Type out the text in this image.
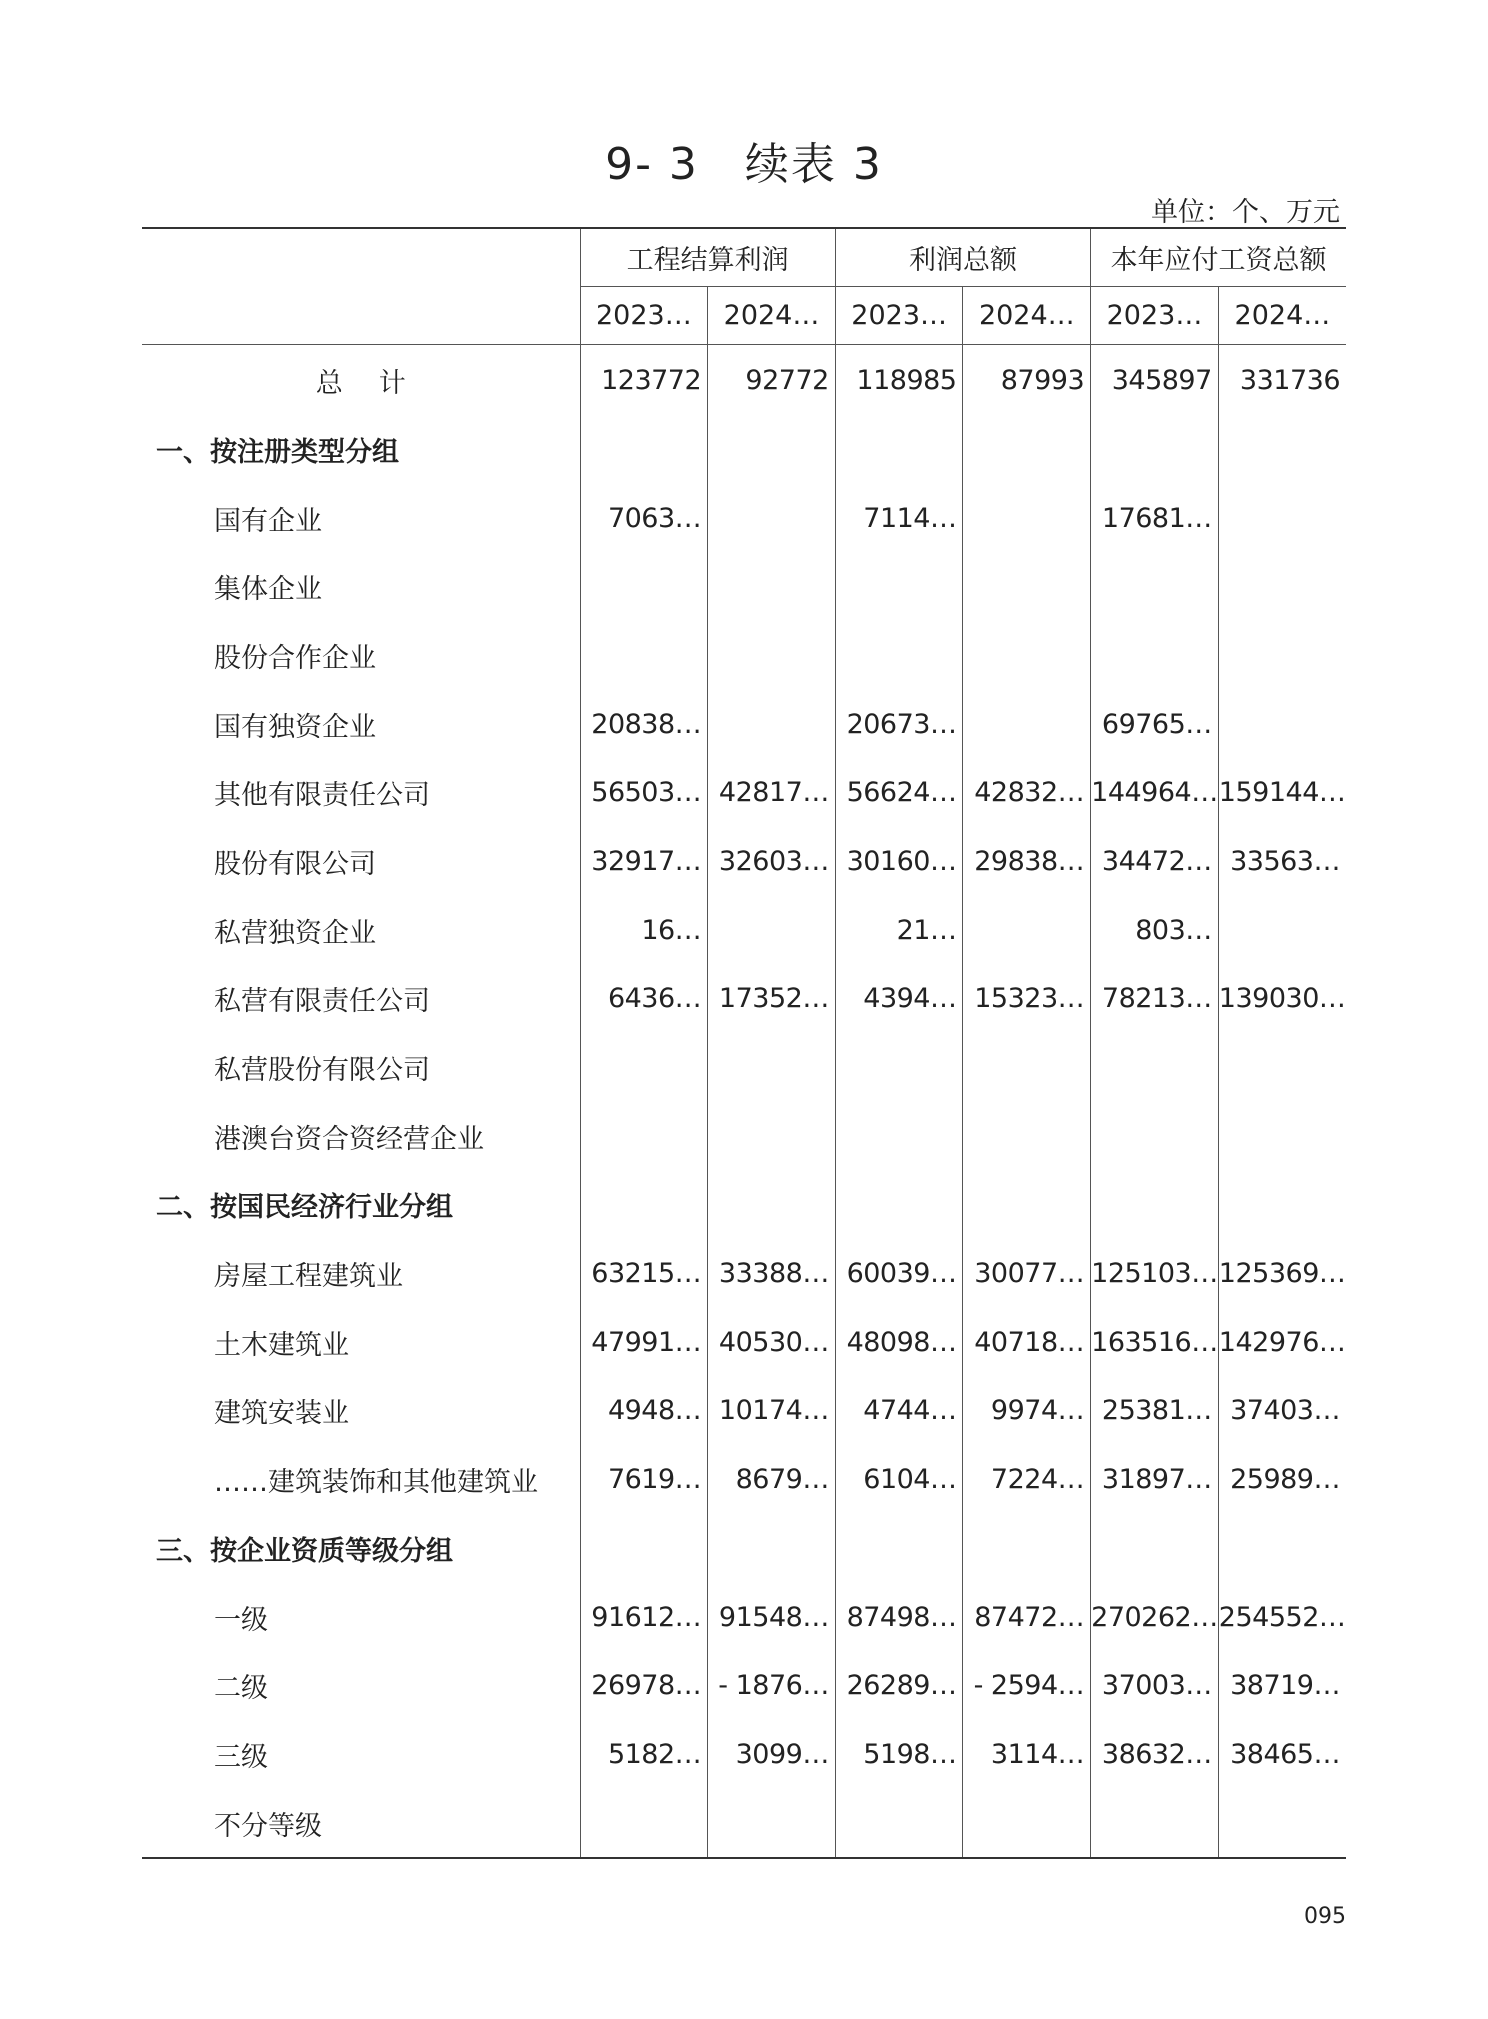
9- 3　续表 3
单位：个、万元
	工程结算利润		利润总额		本年应付工资总额	
	2023…	2024…	2023…	2024…	2023…	2024…
总计	123772	92772	118985	87993	345897	331736
一、按注册类型分组						
国有企业	7063…		7114…		17681…	
集体企业						
股份合作企业						
国有独资企业	20838…		20673…		69765…	
其他有限责任公司	56503…	42817…	56624…	42832…	144964…	159144…
股份有限公司	32917…	32603…	30160…	29838…	34472…	33563…
私营独资企业	16…		21…		803…	
私营有限责任公司	6436…	17352…	4394…	15323…	78213…	139030…
私营股份有限公司						
港澳台资合资经营企业						
二、按国民经济行业分组						
房屋工程建筑业	63215…	33388…	60039…	30077…	125103…	125369…
土木建筑业	47991…	40530…	48098…	40718…	163516…	142976…
建筑安装业	4948…	10174…	4744…	9974…	25381…	37403…
……建筑装饰和其他建筑业	7619…	8679…	6104…	7224…	31897…	25989…
三、按企业资质等级分组						
一级	91612…	91548…	87498…	87472…	270262…	254552…
二级	26978…	- 1876…	26289…	- 2594…	37003…	38719…
三级	5182…	3099…	5198…	3114…	38632…	38465…
不分等级						
095
